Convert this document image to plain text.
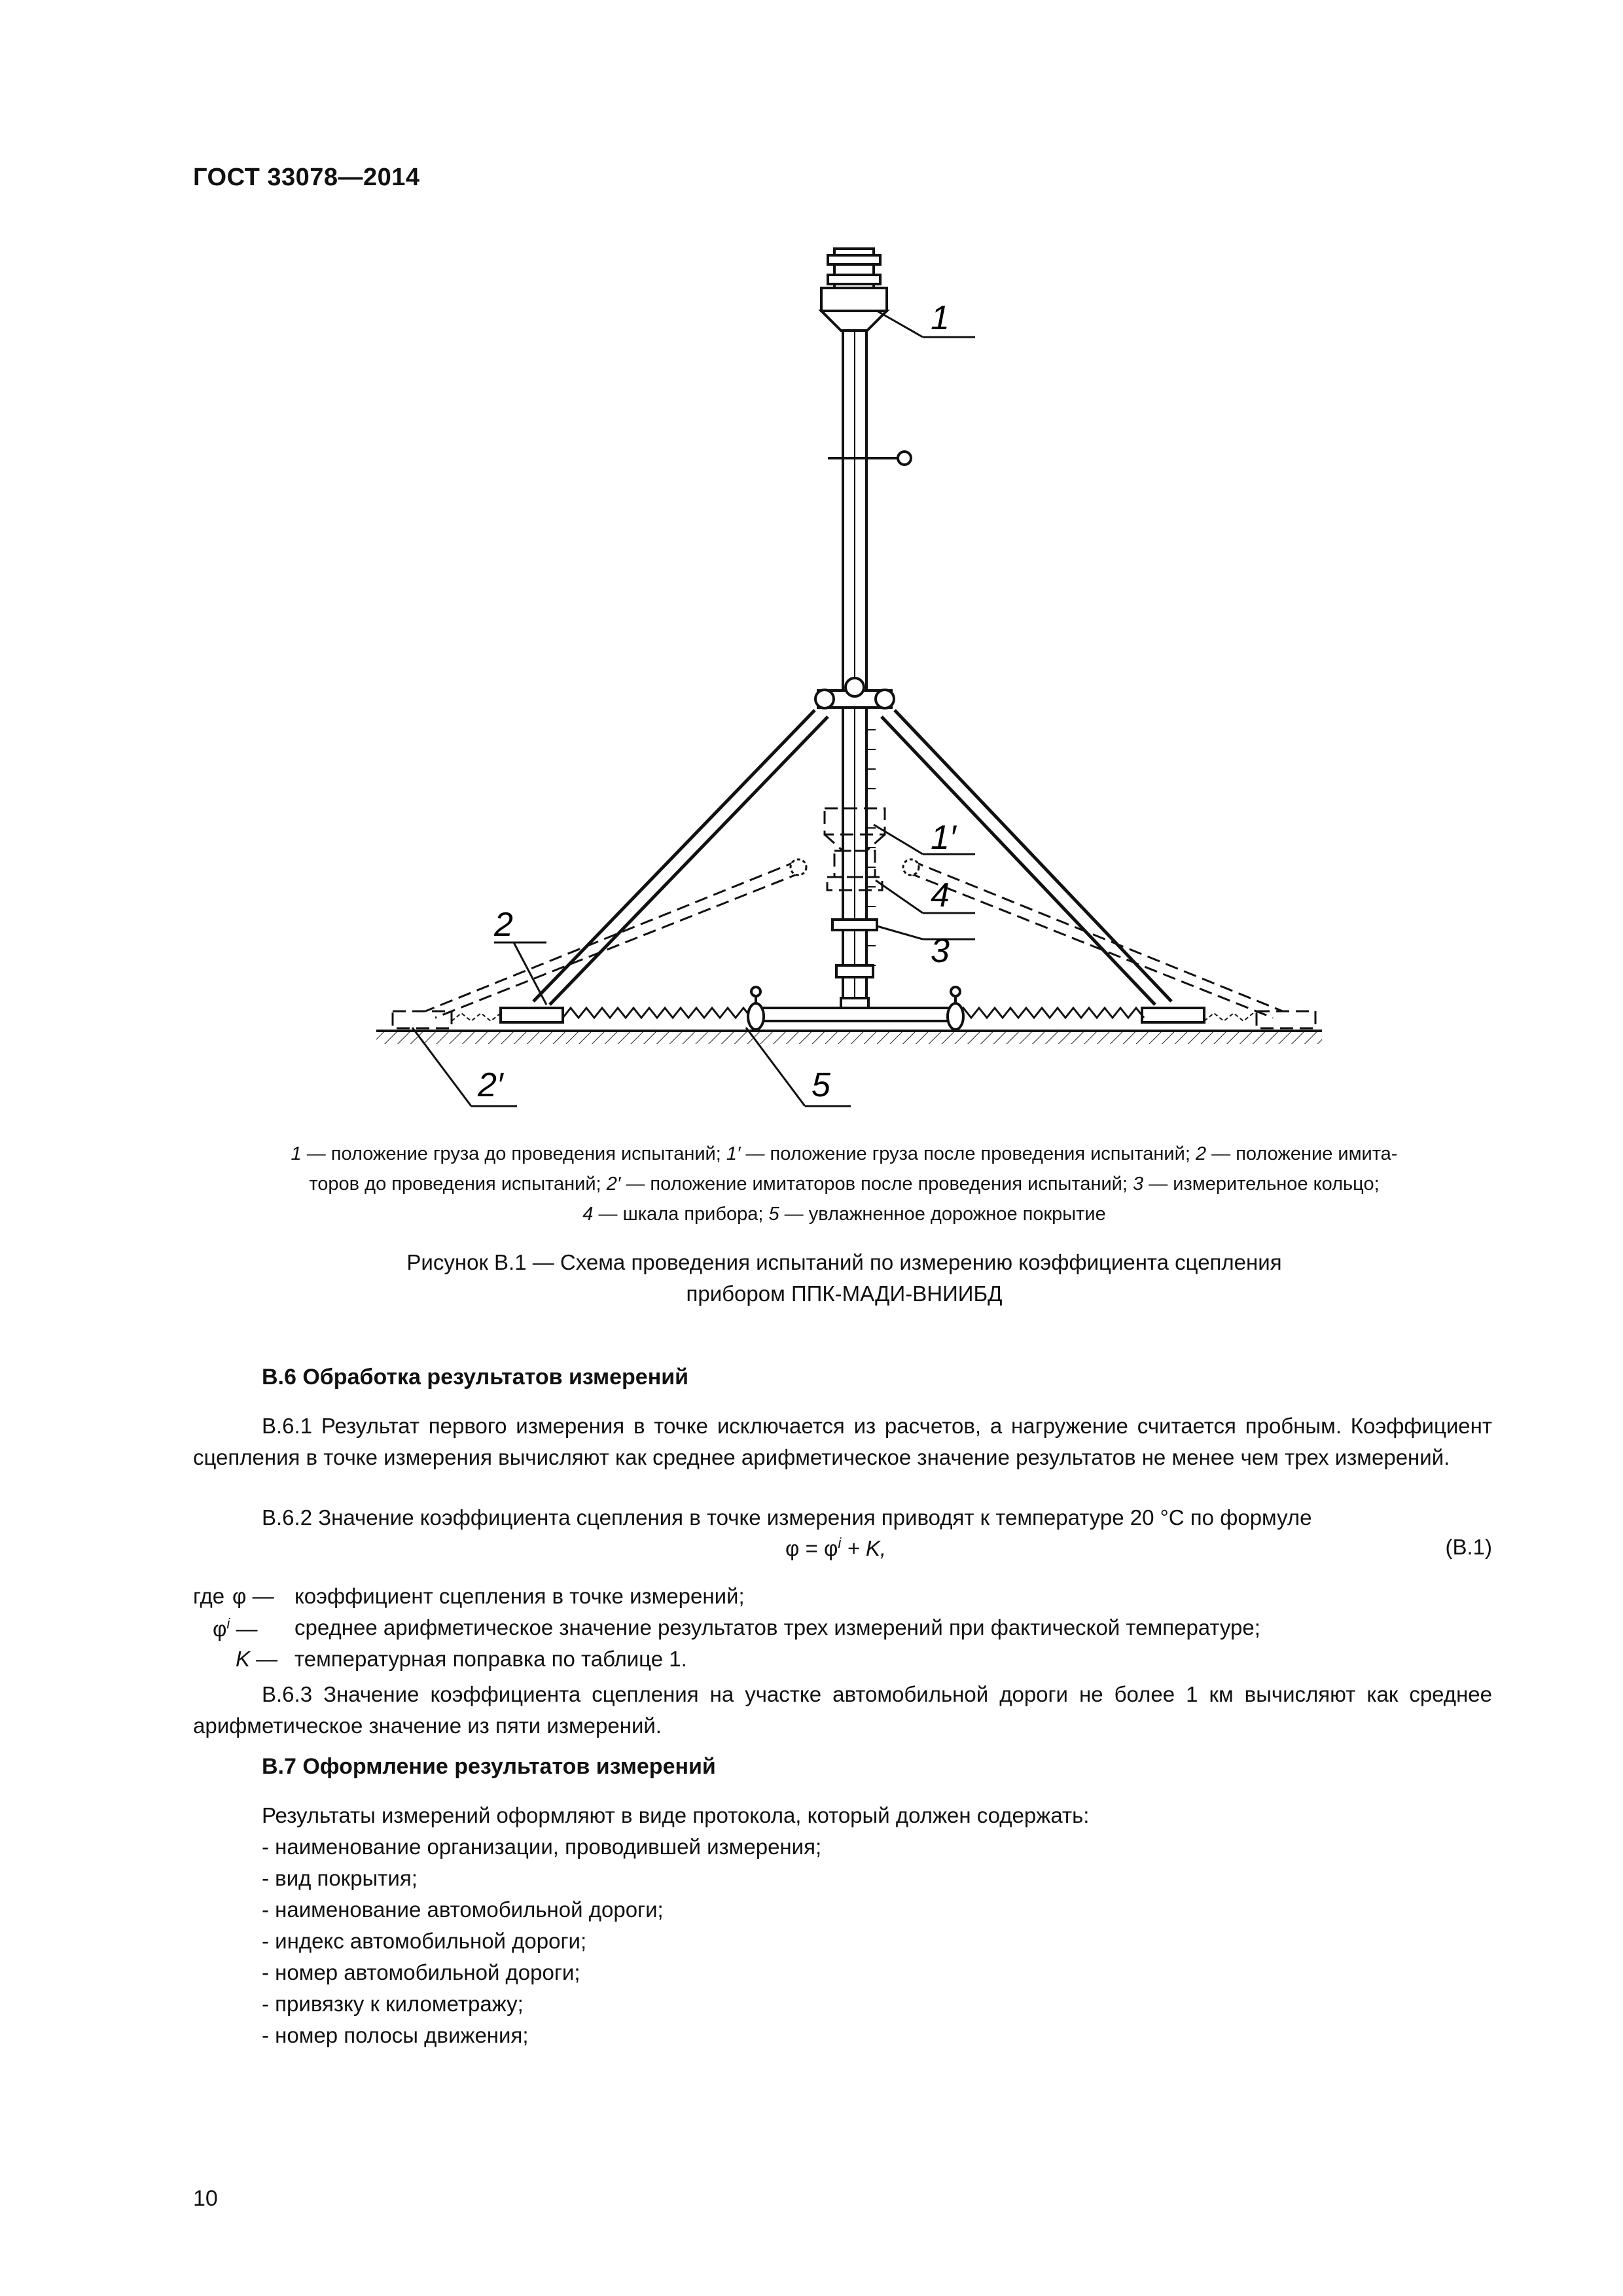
ГОСТ 33078—2014
1
1′
4
3
2
2′	5
1 — положение груза до проведения испытаний; 1′ — положение груза после проведения испытаний; 2 — положение имита-
торов до проведения испытаний; 2′ — положение имитаторов после проведения испытаний; 3 — измерительное кольцо;
4 — шкала прибора; 5 — увлажненное дорожное покрытие
Рисунок В.1 — Схема проведения испытаний по измерению коэффициента сцепления
прибором ППК-МАДИ-ВНИИБД
В.6 Обработка результатов измерений
В.6.1 Результат первого измерения в точке исключается из расчетов, а нагружение считается пробным. Коэффициент сцепления в точке измерения вычисляют как среднее арифметическое значение результатов не менее чем трех измерений.
В.6.2 Значение коэффициента сцепления в точке измерения приводят к температуре 20 °С по формуле
$\varphi = \varphi^i + K$,	(В.1)
где φ — коэффициент сцепления в точке измерений;
$\varphi^i$ — среднее арифметическое значение результатов трех измерений при фактической температуре;
K — температурная поправка по таблице 1.
В.6.3 Значение коэффициента сцепления на участке автомобильной дороги не более 1 км вычисляют как среднее арифметическое значение из пяти измерений.
В.7 Оформление результатов измерений
Результаты измерений оформляют в виде протокола, который должен содержать:
- наименование организации, проводившей измерения;
- вид покрытия;
- наименование автомобильной дороги;
- индекс автомобильной дороги;
- номер автомобильной дороги;
- привязку к километражу;
- номер полосы движения;
10
